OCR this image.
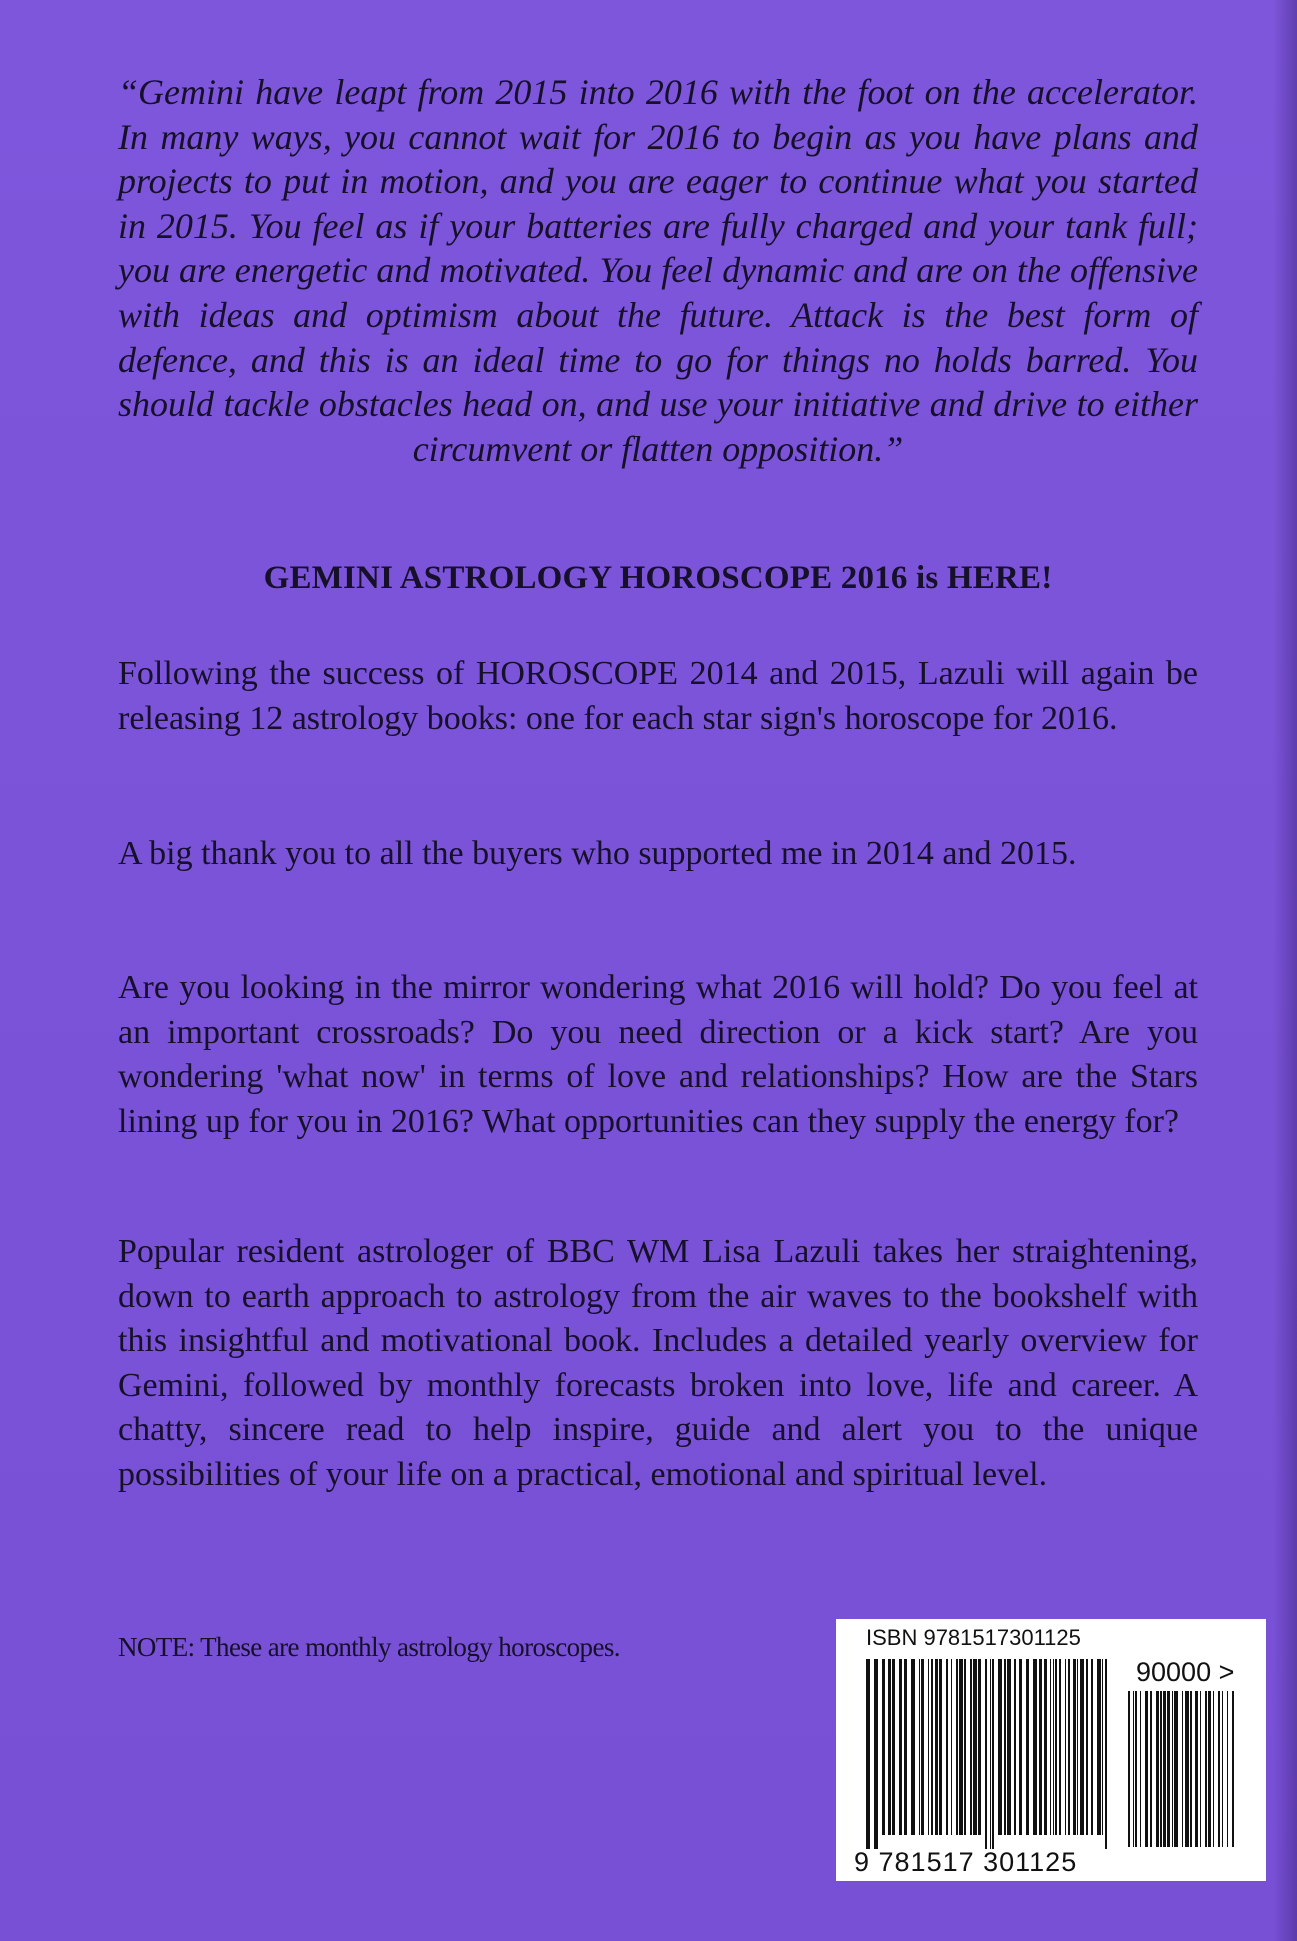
“Gemini have leapt from 2015 into 2016 with the foot on the accelerator. In many ways, you cannot wait for 2016 to begin as you have plans and projects to put in motion, and you are eager to continue what you started in 2015. You feel as if your batteries are fully charged and your tank full; you are energetic and motivated. You feel dynamic and are on the offensive with ideas and optimism about the future. Attack is the best form of defence, and this is an ideal time to go for things no holds barred. You should tackle obstacles head on, and use your initiative and drive to either circumvent or flatten opposition.”
GEMINI ASTROLOGY HOROSCOPE 2016 is HERE!
Following the success of HOROSCOPE 2014 and 2015, Lazuli will again be releasing 12 astrology books: one for each star sign's horoscope for 2016.
A big thank you to all the buyers who supported me in 2014 and 2015.
Are you looking in the mirror wondering what 2016 will hold? Do you feel at an important crossroads? Do you need direction or a kick start? Are you wondering 'what now' in terms of love and relationships? How are the Stars lining up for you in 2016? What opportunities can they supply the energy for?
Popular resident astrologer of BBC WM Lisa Lazuli takes her straightening, down to earth approach to astrology from the air waves to the bookshelf with this insightful and motivational book. Includes a detailed yearly overview for Gemini, followed by monthly forecasts broken into love, life and career. A chatty, sincere read to help inspire, guide and alert you to the unique possibilities of your life on a practical, emotional and spiritual level.
NOTE: These are monthly astrology horoscopes.	ISBN 9781517301125
90000 >
9 781517 301125
